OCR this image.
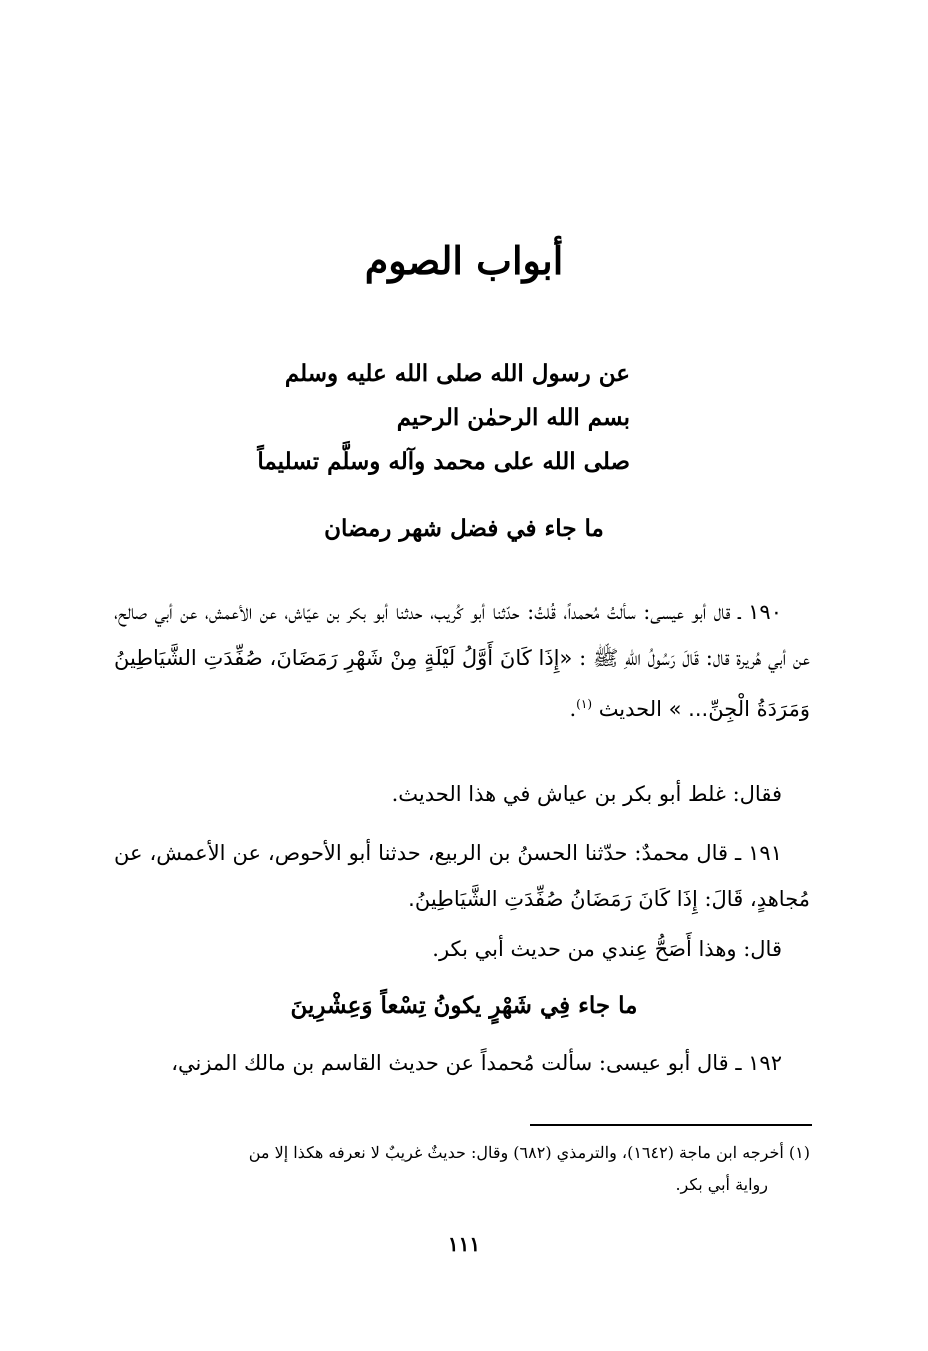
أبواب الصوم
عن رسول الله صلى الله عليه وسلم
بسم الله الرحمٰن الرحيم
صلى الله على محمد وآله وسلَّم تسليماً
ما جاء في فضل شهر رمضان
١٩٠ ـ قال أبو عيسى: سألتُ مُحمداً، قُلتُ: حدّثنا أبو كُريب، حدثنا أبو بكر بن عيّاش، عن الأعمش، عن أبي صالح، عن أبي هُريرة قال: قَالَ رَسُولُ اللهِ ﷺ : «إِذَا كَانَ أَوَّلُ لَيْلَةٍ مِنْ شَهْرِ رَمَضَانَ، صُفِّدَتِ الشَّيَاطِينُ وَمَرَدَةُ الْجِنِّ... » الحديث $^{(١)}$.
فقال: غلط أبو بكر بن عياش في هذا الحديث.
١٩١ ـ قال محمدٌ: حدّثنا الحسنُ بن الربيع، حدثنا أبو الأحوص، عن الأعمش، عن مُجاهدٍ، قَالَ: إِذَا كَانَ رَمَضَانُ صُفِّدَتِ الشَّيَاطِينُ.
قال: وهذا أَصَحُّ عِندي من حديث أبي بكر.
ما جاء فِي شَهْرٍ يكونُ تِسْعاً وَعِشْرِينَ
١٩٢ ـ قال أبو عيسى: سألت مُحمداً عن حديث القاسم بن مالك المزني،
(١) أخرجه ابن ماجة (١٦٤٢)، والترمذي (٦٨٢) وقال: حديثٌ غريبٌ لا نعرفه هكذا إلا من
رواية أبي بكر.
١١١
